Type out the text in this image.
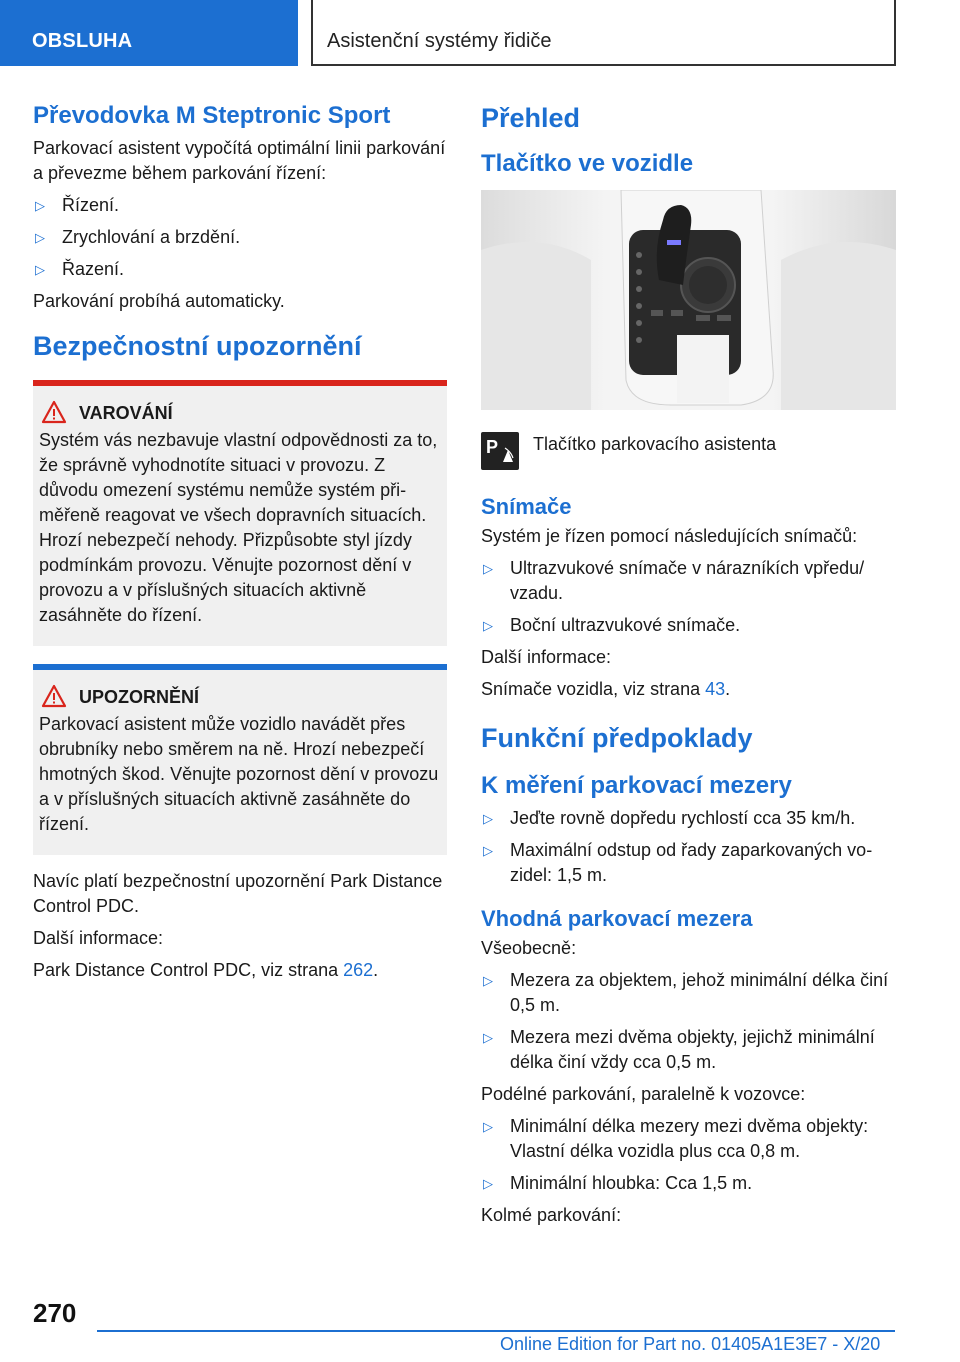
OBSLUHA	Asistenční systémy řidiče
Převodovka M Steptronic Sport

Parkovací asistent vypočítá optimální linii parkování a převezme během parkování řízení:

▷ Řízení.
▷ Zrychlování a brzdění.
▷ Řazení.

Parkování probíhá automaticky.

Bezpečnostní upozornění
VAROVÁNÍ

Systém vás nezbavuje vlastní odpovědnosti za to, že správně vyhodnotíte situaci v provozu. Z důvodu omezení systému nemůže systém přiměřeně reagovat ve všech dopravních situacích. Hrozí nebezpečí nehody. Přizpůsobte styl jízdy podmínkám provozu. Věnujte pozornost dění v provozu a v příslušných situacích aktivně zasáhněte do řízení.

UPOZORNĚNÍ

Parkovací asistent může vozidlo navádět přes obrubníky nebo směrem na ně. Hrozí nebezpečí hmotných škod. Věnujte pozornost dění v provozu a v příslušných situacích aktivně zasáhněte do řízení.

Navíc platí bezpečnostní upozornění Park Distance Control PDC.

Další informace:

Park Distance Control PDC, viz strana 262.

Přehled
Tlačítko ve vozidle
P Tlačítko parkovacího asistenta

Snímače

Systém je řízen pomocí následujících snímačů:

▷ Ultrazvukové snímače v nárazníkích vpředu/ vzadu.
▷ Boční ultrazvukové snímače.

Další informace:

Snímače vozidla, viz strana 43.

Funkční předpoklady
K měření parkovací mezery
▷ Jeďte rovně dopředu rychlostí cca 35 km/h.
▷ Maximální odstup od řady zaparkovaných vozidel: 1,5 m.
Vhodná parkovací mezera

Všeobecně:

▷ Mezera za objektem, jehož minimální délka činí 0,5 m.
▷ Mezera mezi dvěma objekty, jejichž minimální délka činí vždy cca 0,5 m.

Podélné parkování, paralelně k vozovce:

▷ Minimální délka mezery mezi dvěma objekty: Vlastní délka vozidla plus cca 0,8 m.
▷ Minimální hloubka: Cca 1,5 m.

Kolmé parkování:

270
Online Edition for Part no. 01405A1E3E7 - X/20
